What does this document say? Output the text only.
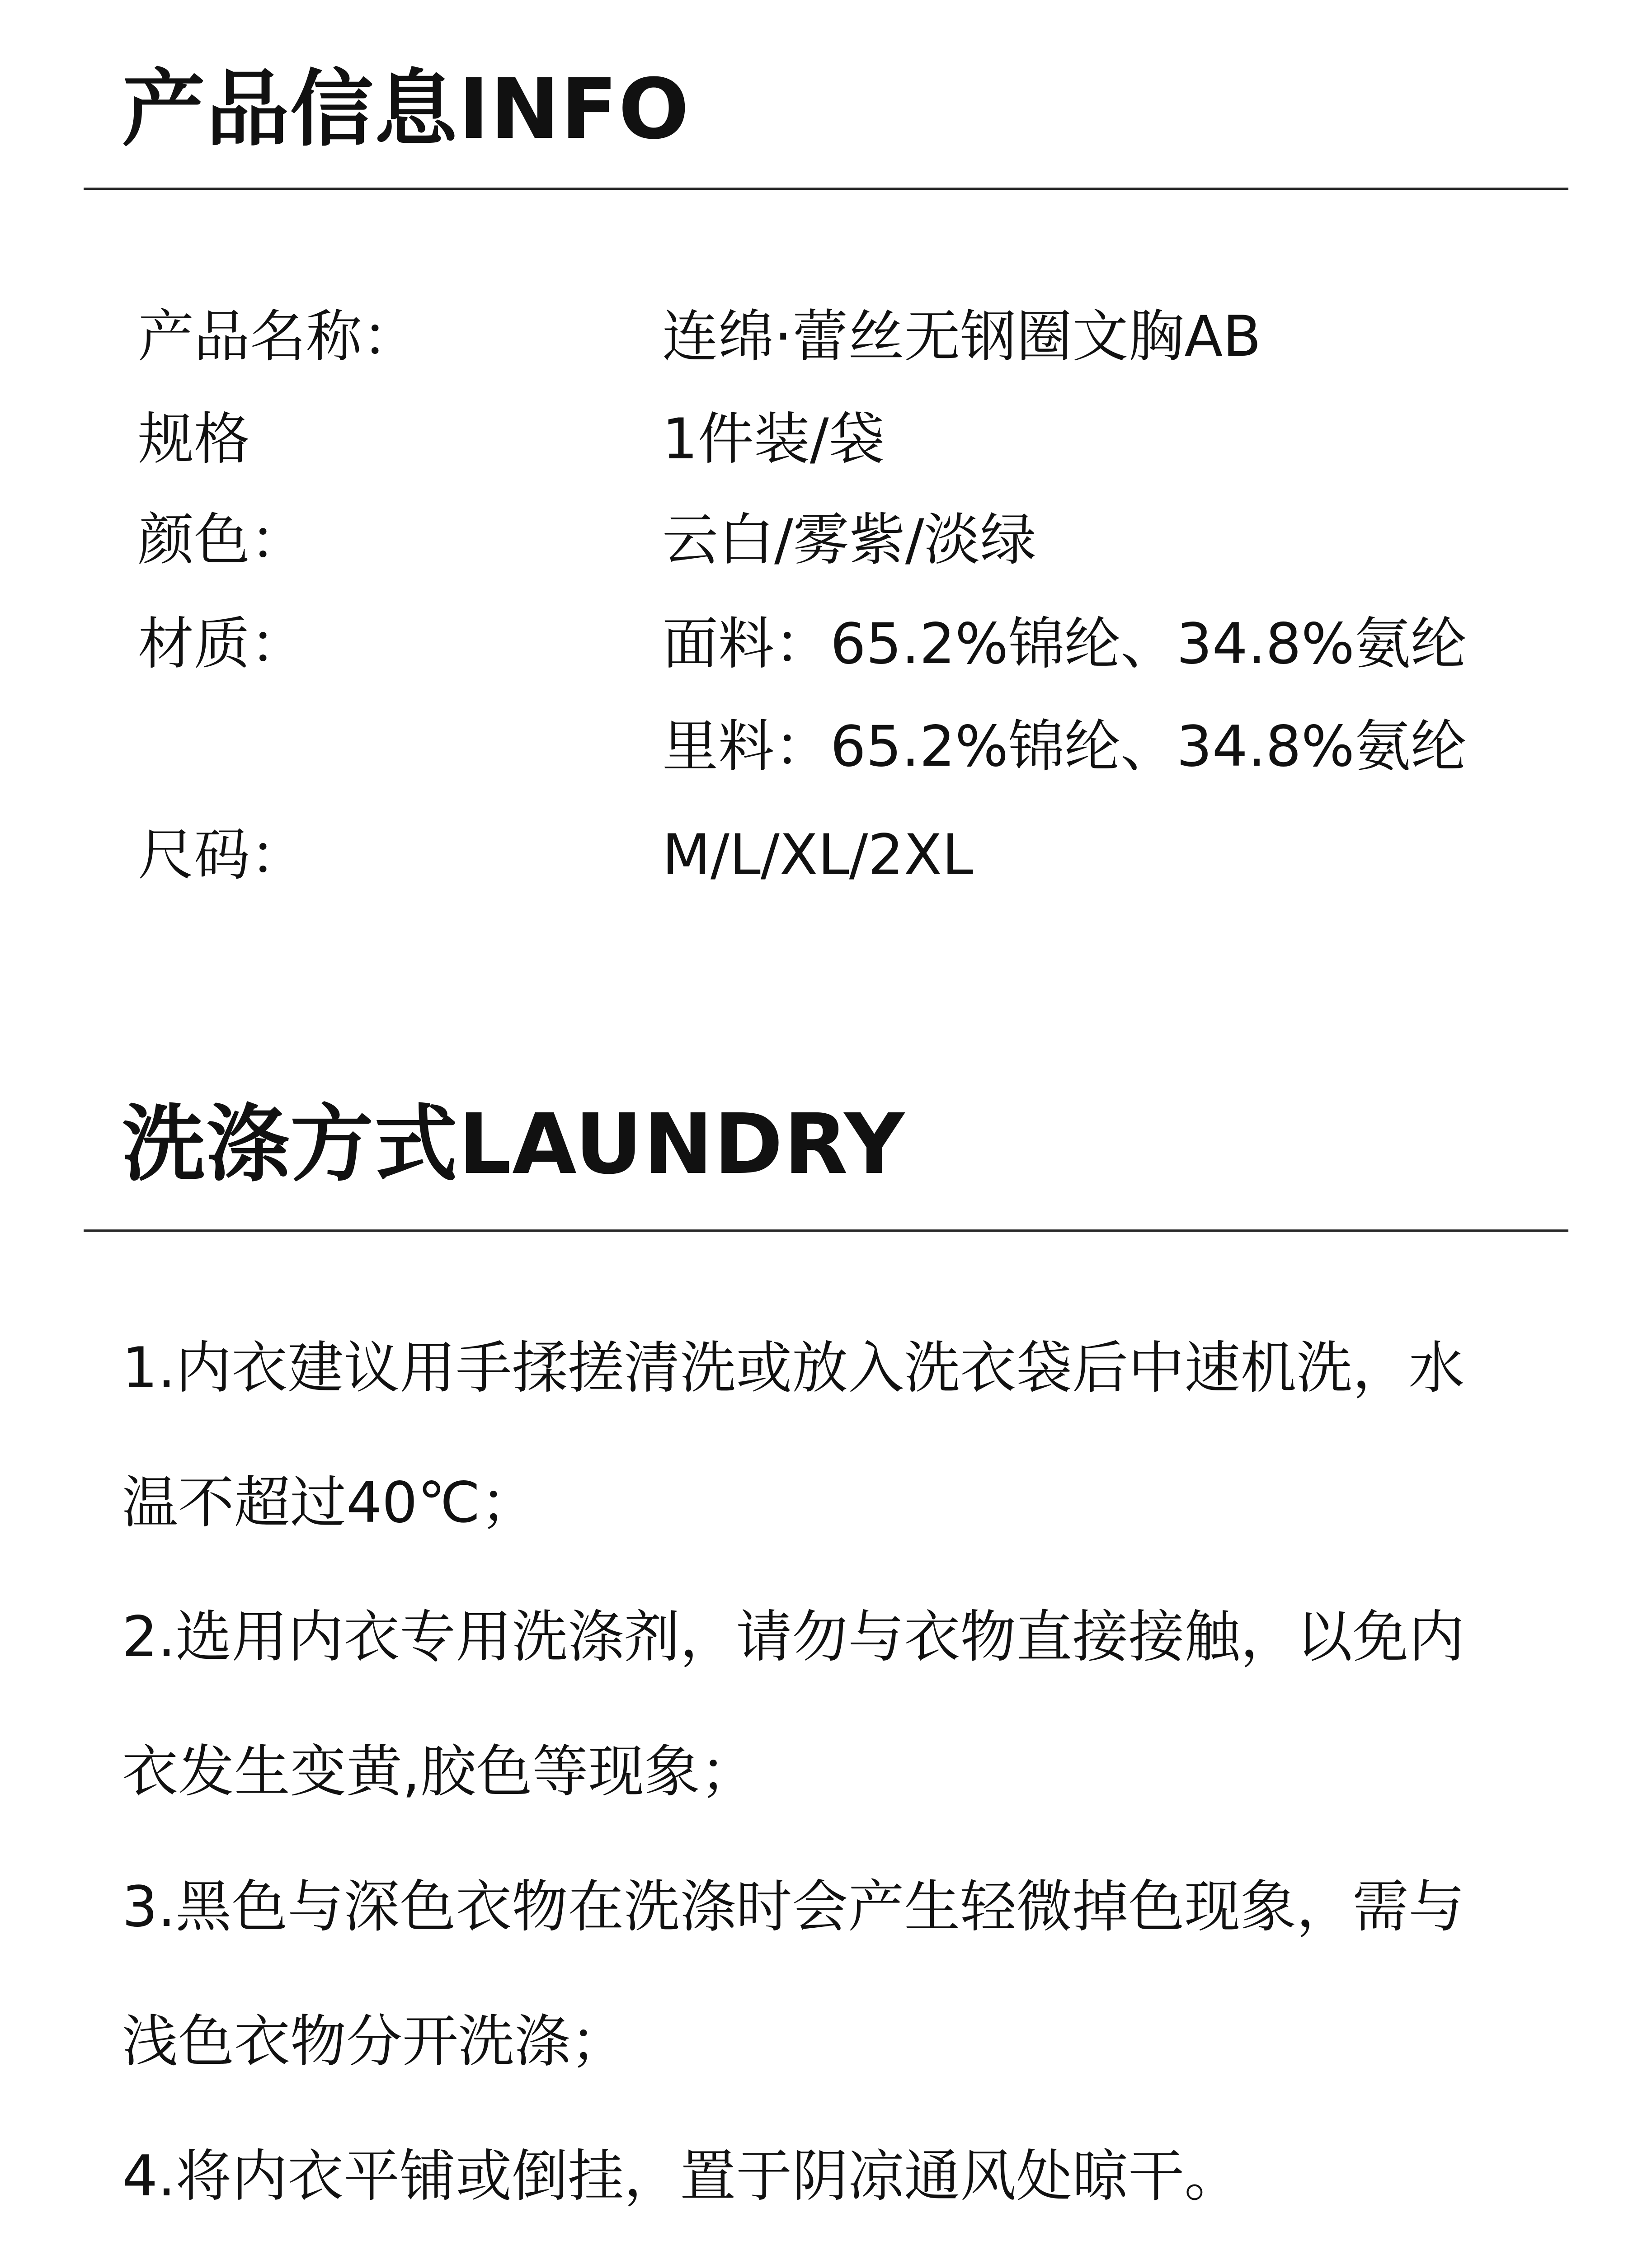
产品信息INFO
产品名称：	连绵·蕾丝无钢圈文胸AB
规格	1件装/袋
颜色：	云白/雾紫/淡绿
材质：	面料：65.2%锦纶、34.8%氨纶
里料：65.2%锦纶、34.8%氨纶
尺码：	M/L/XL/2XL
洗涤方式LAUNDRY
1.内衣建议用手揉搓清洗或放入洗衣袋后中速机洗，水
温不超过40℃；
2.选用内衣专用洗涤剂，请勿与衣物直接接触，以免内
衣发生变黄,胶色等现象；
3.黑色与深色衣物在洗涤时会产生轻微掉色现象，需与
浅色衣物分开洗涤；
4.将内衣平铺或倒挂，置于阴凉通风处晾干。
